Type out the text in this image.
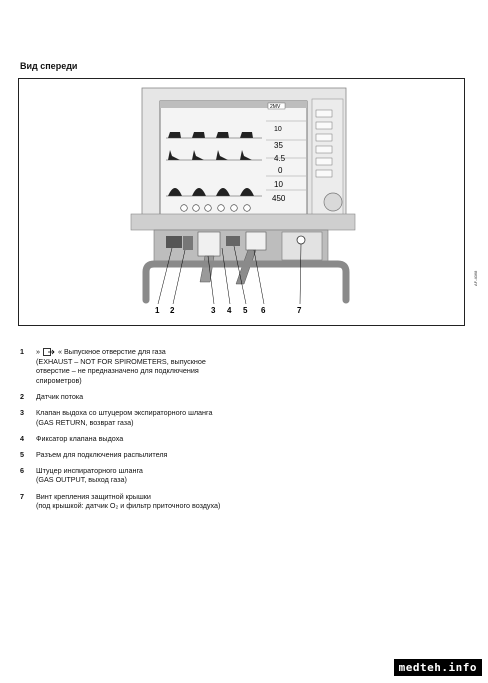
Вид спереди
2MV
10
35
4.5
0
10
450
1 2	3 4 5 6	7
AF-4068
1	»	« Выпускное отверстие для газа
(EXHAUST – NOT FOR SPIROMETERS, выпускное
отверстие – не предназначено для подключения
спирометров)
2	Датчик потока
3	Клапан выдоха со штуцером экспираторного шланга
(GAS RETURN, возврат газа)
4	Фиксатор клапана выдоха
5	Разъем для подключения распылителя
6	Штуцер инспираторного шланга
(GAS OUTPUT, выход газа)
7	Винт крепления защитной крышки
(под крышкой: датчик O₂ и фильтр приточного воздуха)
medteh.info
